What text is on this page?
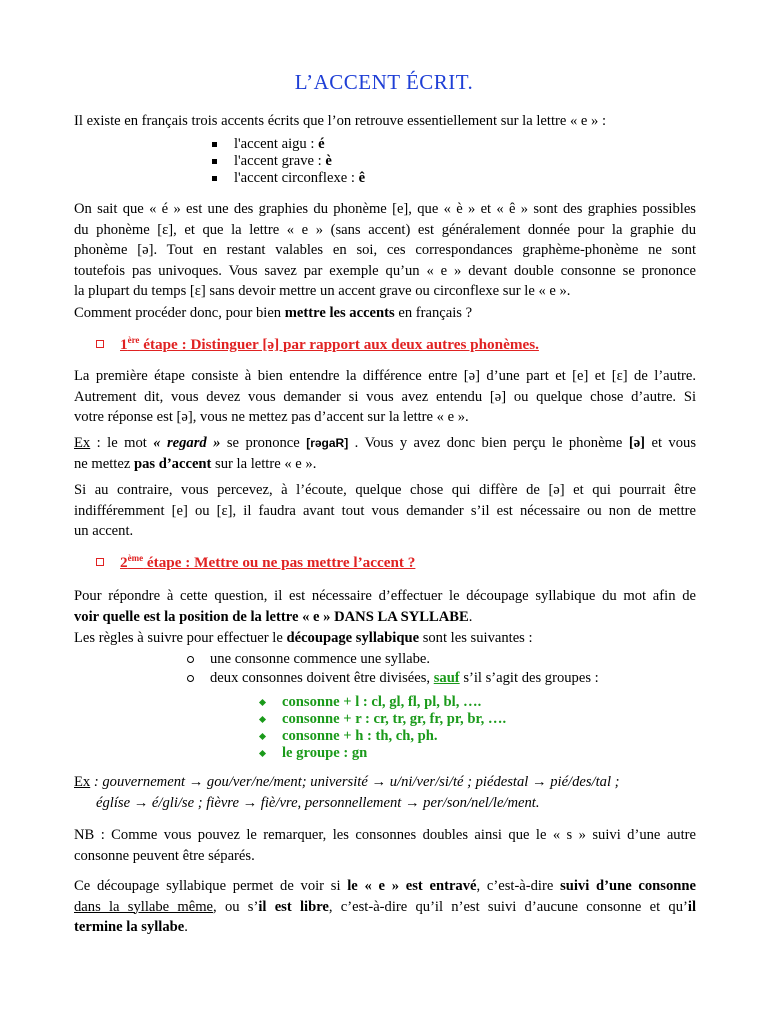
L’ACCENT ÉCRIT.

Il existe en français trois accents écrits que l’on retrouve essentiellement sur la lettre « e » :

l'accent aigu : é
l'accent grave : è
l'accent circonflexe : ê
On sait que « é » est une des graphies du phonème [e], que « è » et « ê » sont des graphies possibles
du phonème [ε], et que la lettre « e » (sans accent) est généralement donnée pour la graphie du
phonème [ə]. Tout en restant valables en soi, ces correspondances graphème-phonème ne sont
toutefois pas univoques. Vous savez par exemple qu’un « e » devant double consonne se prononce
la plupart du temps [ε] sans devoir mettre un accent grave ou circonflexe sur le « e ».
Comment procéder donc, pour bien mettre les accents en français ?
1ère étape : Distinguer [ə] par rapport aux deux autres phonèmes.
La première étape consiste à bien entendre la différence entre [ə] d’une part et [e] et [ε] de l’autre.
Autrement dit, vous devez vous demander si vous avez entendu [ə] ou quelque chose d’autre. Si
votre réponse est [ə], vous ne mettez pas d’accent sur la lettre « e ».
Ex : le mot « regard » se prononce [rəgaR] . Vous y avez donc bien perçu le phonème [ə] et vous
ne mettez pas d’accent sur la lettre « e ».
Si au contraire, vous percevez, à l’écoute, quelque chose qui diffère de [ə] et qui pourrait être
indifféremment [e] ou [ε], il faudra avant tout vous demander s’il est nécessaire ou non de mettre
un accent.
2ème étape : Mettre ou ne pas mettre l’accent ?
Pour répondre à cette question, il est nécessaire d’effectuer le découpage syllabique du mot afin de
voir quelle est la position de la lettre « e » DANS LA SYLLABE.

Les règles à suivre pour effectuer le découpage syllabique sont les suivantes :

une consonne commence une syllabe.
deux consonnes doivent être divisées, sauf s’il s’agit des groupes :
consonne + l : cl, gl, fl, pl, bl, ….
consonne + r : cr, tr, gr, fr, pr, br, ….
consonne + h : th, ch, ph.
le groupe : gn
Ex : gouvernement → gou/ver/ne/ment; université → u/ni/ver/si/té ; piédestal → pié/des/tal ;
églíse → é/gli/se ; fièvre → fiè/vre, personnellement → per/son/nel/le/ment.
NB : Comme vous pouvez le remarquer, les consonnes doubles ainsi que le « s » suivi d’une autre
consonne peuvent être séparés.
Ce découpage syllabique permet de voir si le « e » est entravé, c’est-à-dire suivi d’une consonne
dans la syllabe même, ou s’il est libre, c’est-à-dire qu’il n’est suivi d’aucune consonne et qu’il
termine la syllabe.
